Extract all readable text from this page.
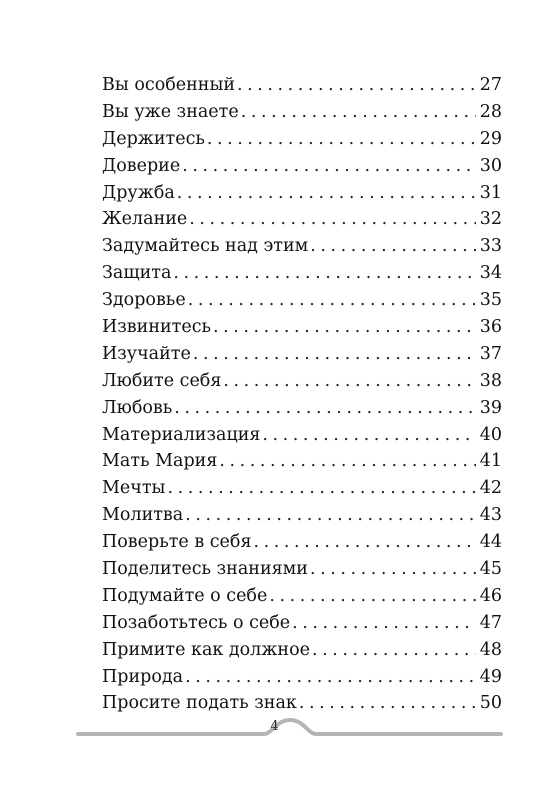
Вы особенный . . .	27
Вы уже знаете . . .	28
Держитесь . . .	29
Доверие . . .	30
Дружба . . .	31
Желание . . .	32
Задумайтесь над этим . . .	33
Защита . . .	34
Здоровье . . .	35
Извинитесь . . .	36
Изучайте . . .	37
Любите себя . . .	38
Любовь . . .	39
Материализация . . .	40
Мать Мария . . .	41
Мечты . . .	42
Молитва . . .	43
Поверьте в себя . . .	44
Поделитесь знаниями . . .	45
Подумайте о себе . . .	46
Позаботьтесь о себе . . .	47
Примите как должное . . .	48
Природа . . .	49
Просите подать знак . . .	50
4
